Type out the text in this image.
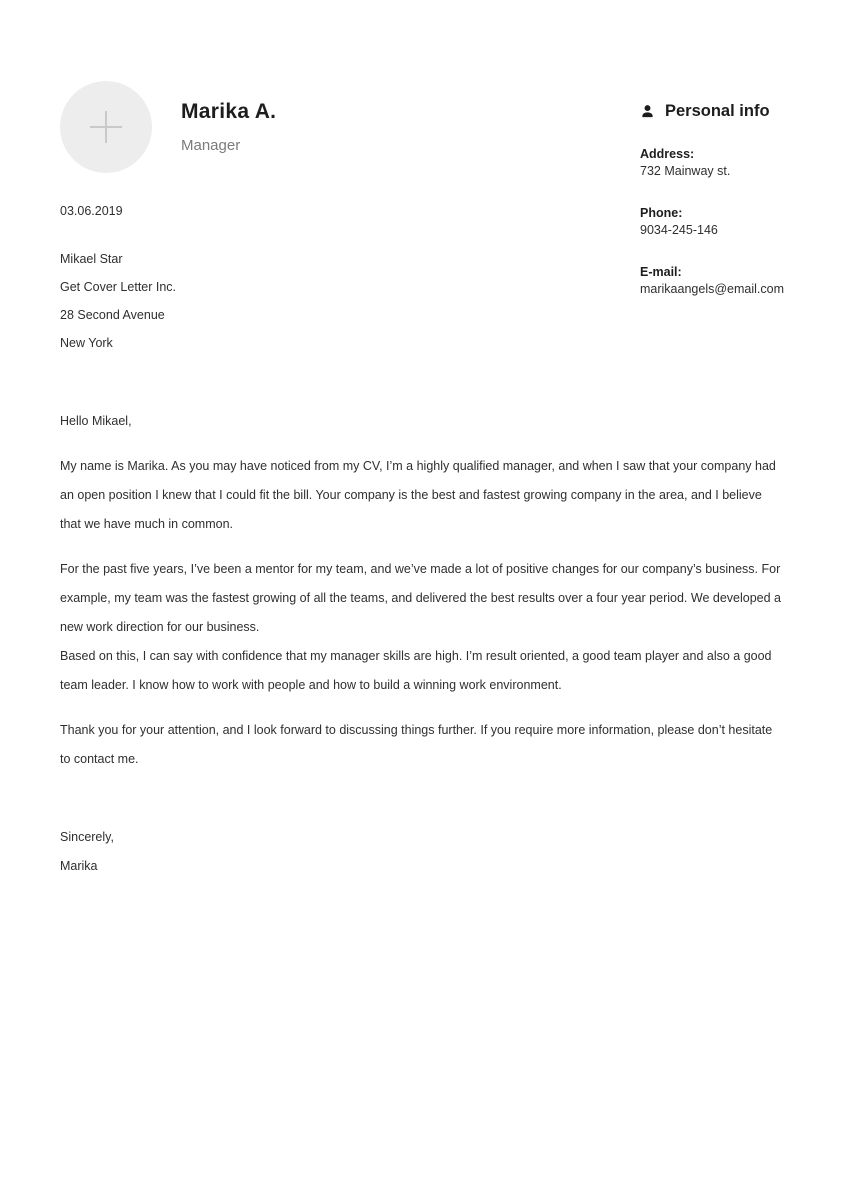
Marika A.
Manager
Personal info
Address:
732 Mainway st.
Phone:
9034-245-146
E-mail:
marikaangels@email.com
03.06.2019
Mikael Star
Get Cover Letter Inc.
28 Second Avenue
New York

Hello Mikael,

My name is Marika. As you may have noticed from my CV, I’m a highly qualified manager, and when I saw that your company had an open position I knew that I could fit the bill. Your company is the best and fastest growing company in the area, and I believe that we have much in common.

For the past five years, I’ve been a mentor for my team, and we’ve made a lot of positive changes for our company’s business. For example, my team was the fastest growing of all the teams, and delivered the best results over a four year period. We developed a new work direction for our business.

Based on this, I can say with confidence that my manager skills are high. I’m result oriented, a good team player and also a good team leader. I know how to work with people and how to build a winning work environment.

Thank you for your attention, and I look forward to discussing things further. If you require more information, please don’t hesitate to contact me.

Sincerely,
Marika
